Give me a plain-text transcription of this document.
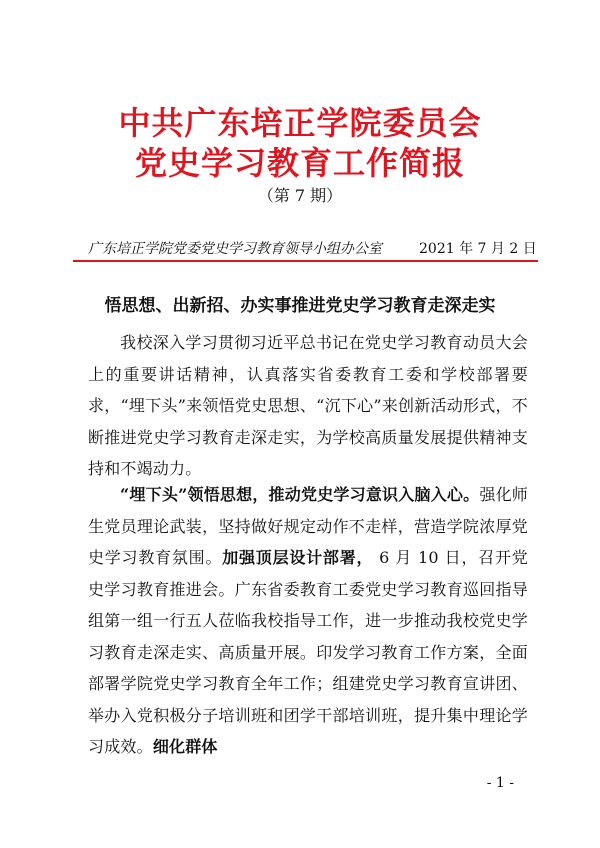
中共广东培正学院委员会
党史学习教育工作简报
（第 7 期）
广东培正学院党委党史学习教育领导小组办公室	2021 年 7 月 2 日
悟思想、出新招、办实事推进党史学习教育走深走实
我校深入学习贯彻习近平总书记在党史学习教育动员大会上的重要讲话精神，认真落实省委教育工委和学校部署要求，“埋下头”来领悟党史思想、“沉下心”来创新活动形式，不断推进党史学习教育走深走实，为学校高质量发展提供精神支持和不竭动力。
“埋下头”领悟思想，推动党史学习意识入脑入心。强化师生党员理论武装，坚持做好规定动作不走样，营造学院浓厚党史学习教育氛围。加强顶层设计部署， 6 月 10 日，召开党史学习教育推进会。广东省委教育工委党史学习教育巡回指导组第一组一行五人莅临我校指导工作，进一步推动我校党史学习教育走深走实、高质量开展。印发学习教育工作方案，全面部署学院党史学习教育全年工作；组建党史学习教育宣讲团、举办入党积极分子培训班和团学干部培训班，提升集中理论学习成效。细化群体
- 1 -
